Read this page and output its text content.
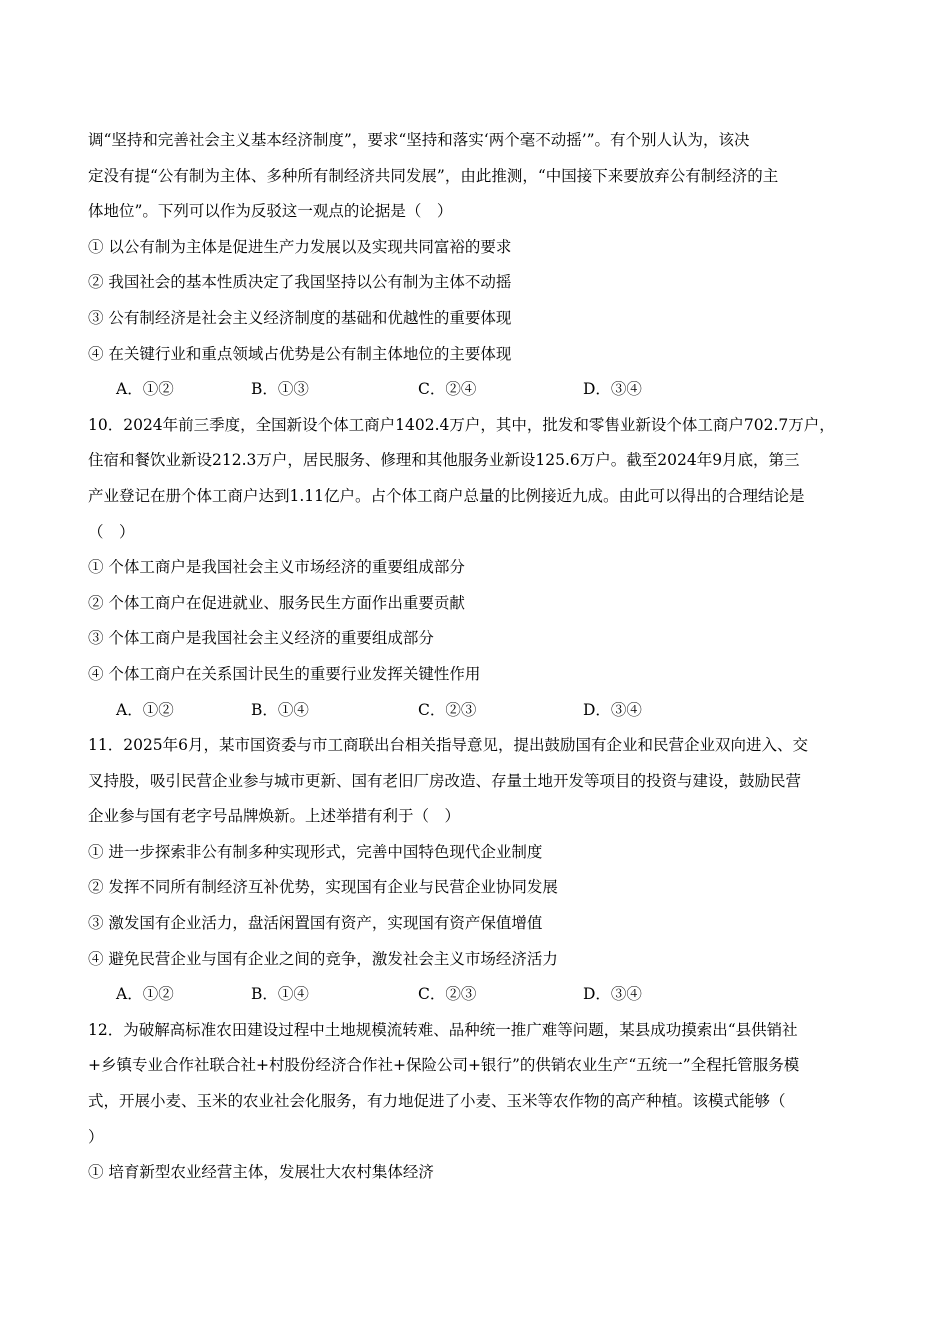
调“坚持和完善社会主义基本经济制度”，要求“坚持和落实‘两个毫不动摇’”。有个别人认为，该决

定没有提“公有制为主体、多种所有制经济共同发展”，由此推测，“中国接下来要放弃公有制经济的主

体地位”。下列可以作为反驳这一观点的论据是（　）

① 以公有制为主体是促进生产力发展以及实现共同富裕的要求

② 我国社会的基本性质决定了我国坚持以公有制为主体不动摇

③ 公有制经济是社会主义经济制度的基础和优越性的重要体现

④ 在关键行业和重点领域占优势是公有制主体地位的主要体现

A．①②	B．①③	C．②④	D．③④

10．2024年前三季度，全国新设个体工商户1402.4万户，其中，批发和零售业新设个体工商户702.7万户，

住宿和餐饮业新设212.3万户，居民服务、修理和其他服务业新设125.6万户。截至2024年9月底，第三

产业登记在册个体工商户达到1.11亿户。占个体工商户总量的比例接近九成。由此可以得出的合理结论是

（　）

① 个体工商户是我国社会主义市场经济的重要组成部分

② 个体工商户在促进就业、服务民生方面作出重要贡献

③ 个体工商户是我国社会主义经济的重要组成部分

④ 个体工商户在关系国计民生的重要行业发挥关键性作用

A．①②	B．①④	C．②③	D．③④

11．2025年6月，某市国资委与市工商联出台相关指导意见，提出鼓励国有企业和民营企业双向进入、交

叉持股，吸引民营企业参与城市更新、国有老旧厂房改造、存量土地开发等项目的投资与建设，鼓励民营

企业参与国有老字号品牌焕新。上述举措有利于（　）

① 进一步探索非公有制多种实现形式，完善中国特色现代企业制度

② 发挥不同所有制经济互补优势，实现国有企业与民营企业协同发展

③ 激发国有企业活力，盘活闲置国有资产，实现国有资产保值增值

④ 避免民营企业与国有企业之间的竞争，激发社会主义市场经济活力

A．①②	B．①④	C．②③	D．③④

12．为破解高标准农田建设过程中土地规模流转难、品种统一推广难等问题，某县成功摸索出“县供销社

+乡镇专业合作社联合社+村股份经济合作社+保险公司+银行”的供销农业生产“五统一”全程托管服务模

式，开展小麦、玉米的农业社会化服务，有力地促进了小麦、玉米等农作物的高产种植。该模式能够（

）

① 培育新型农业经营主体，发展壮大农村集体经济
